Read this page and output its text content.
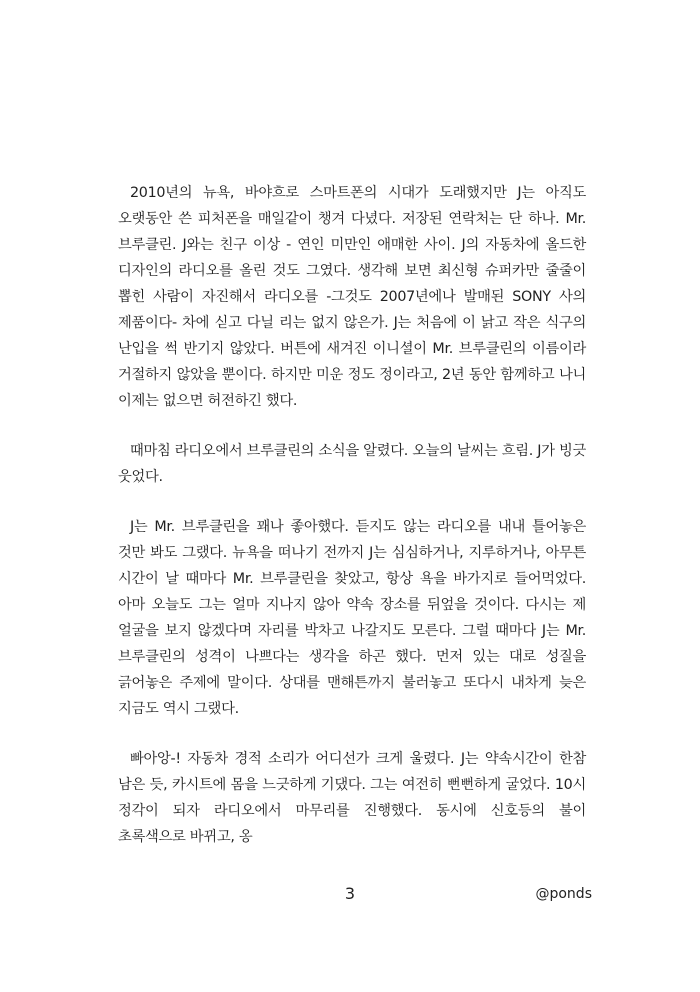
2010년의 뉴욕, 바야흐로 스마트폰의 시대가 도래했지만 J는 아직도 오랫동안 쓴 피처폰을 매일같이 챙겨 다녔다. 저장된 연락처는 단 하나. Mr. 브루클린. J와는 친구 이상 - 연인 미만인 애매한 사이. J의 자동차에 올드한 디자인의 라디오를 올린 것도 그였다. 생각해 보면 최신형 슈퍼카만 줄줄이 뽑힌 사람이 자진해서 라디오를 -그것도 2007년에나 발매된 SONY 사의 제품이다- 차에 싣고 다닐 리는 없지 않은가. J는 처음에 이 낡고 작은 식구의 난입을 썩 반기지 않았다. 버튼에 새겨진 이니셜이 Mr. 브루클린의 이름이라 거절하지 않았을 뿐이다. 하지만 미운 정도 정이라고, 2년 동안 함께하고 나니 이제는 없으면 허전하긴 했다.

때마침 라디오에서 브루클린의 소식을 알렸다. 오늘의 날씨는 흐림. J가 빙긋 웃었다.

J는 Mr. 브루클린을 꽤나 좋아했다. 듣지도 않는 라디오를 내내 틀어놓은 것만 봐도 그랬다. 뉴욕을 떠나기 전까지 J는 심심하거나, 지루하거나, 아무튼 시간이 날 때마다 Mr. 브루클린을 찾았고, 항상 욕을 바가지로 들어먹었다. 아마 오늘도 그는 얼마 지나지 않아 약속 장소를 뒤엎을 것이다. 다시는 제 얼굴을 보지 않겠다며 자리를 박차고 나갈지도 모른다. 그럴 때마다 J는 Mr. 브루클린의 성격이 나쁘다는 생각을 하곤 했다. 먼저 있는 대로 성질을 긁어놓은 주제에 말이다. 상대를 맨해튼까지 불러놓고 또다시 내차게 늦은 지금도 역시 그랬다.

빠아앙-! 자동차 경적 소리가 어디선가 크게 울렸다. J는 약속시간이 한참 남은 듯, 카시트에 몸을 느긋하게 기댔다. 그는 여전히 뻔뻔하게 굴었다. 10시 정각이 되자 라디오에서 마무리를 진행했다. 동시에 신호등의 불이 초록색으로 바뀌고, 옹

3	@ponds
